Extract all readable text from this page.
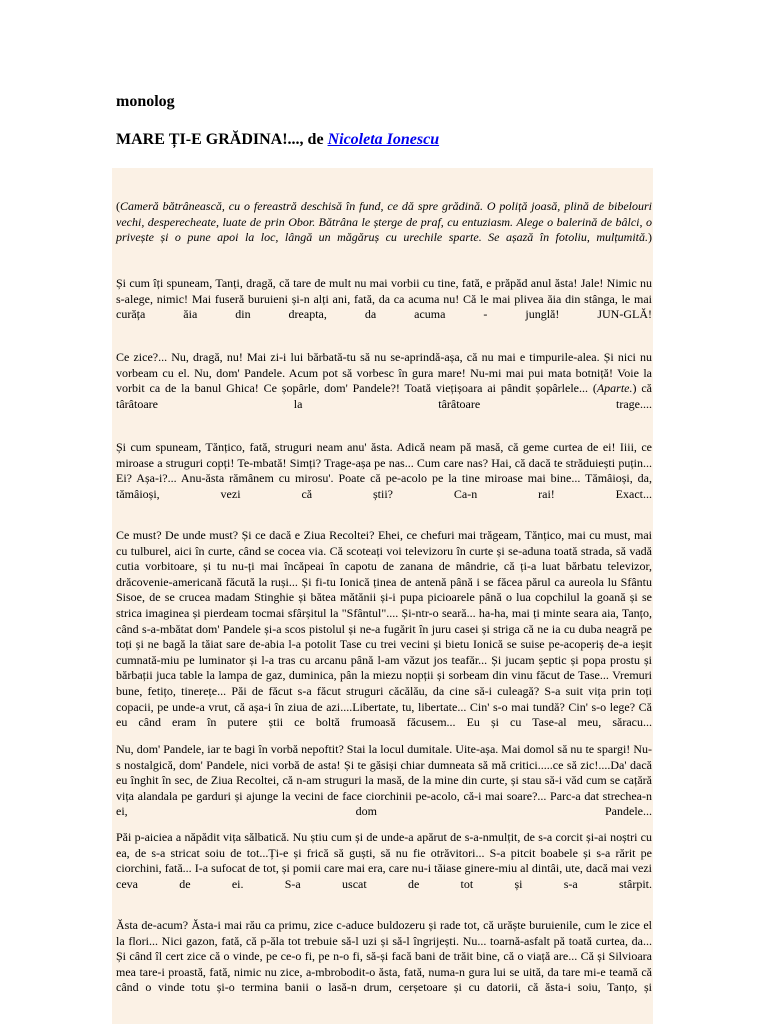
monolog
MARE ȚI-E GRĂDINA!..., de Nicoleta Ionescu

(Cameră bătrânească, cu o fereastră deschisă în fund, ce dă spre grădină. O poliță joasă, plină de bibelouri vechi, desperecheate, luate de prin Obor. Bătrâna le șterge de praf, cu entuziasm. Alege o balerină de bâlci, o privește și o pune apoi la loc, lângă un măgăruș cu urechile sparte. Se așază în fotoliu, mulțumită.)

Și cum îți spuneam, Tanți, dragă, că tare de mult nu mai vorbii cu tine, fată, e prăpăd anul ăsta! Jale! Nimic nu s-alege, nimic! Mai fuseră buruieni și-n alți ani, fată, da ca acuma nu! Că le mai plivea ăia din stânga, le mai curăța ăia din dreapta, da acuma - junglă! JUN-GLĂ!

Ce zice?... Nu, dragă, nu! Mai zi-i lui bărbată-tu să nu se-aprindă-așa, că nu mai e timpurile-alea. Și nici nu vorbeam cu el. Nu, dom' Pandele. Acum pot să vorbesc în gura mare! Nu-mi mai pui mata botniță! Voie la vorbit ca de la banul Ghica! Ce șopârle, dom' Pandele?! Toată viețișoara ai pândit șopârlele... (Aparte.) că târâtoare la târâtoare trage....

Și cum spuneam, Tănțico, fată, struguri neam anu' ăsta. Adică neam pă masă, că geme curtea de ei! Iiii, ce miroase a struguri copți! Te-mbată! Simți? Trage-așa pe nas... Cum care nas? Hai, că dacă te străduiești puțin... Ei? Așa-i?... Anu-ăsta rămânem cu mirosu'. Poate că pe-acolo pe la tine miroase mai bine... Tămâioși, da, tămâioși, vezi că știi? Ca-n rai! Exact...

Ce must? De unde must? Și ce dacă e Ziua Recoltei? Ehei, ce chefuri mai trăgeam, Tănțico, mai cu must, mai cu tulburel, aici în curte, când se cocea via. Că scoteați voi televizoru în curte și se-aduna toată strada, să vadă cutia vorbitoare, și tu nu-ți mai încăpeai în capotu de zanana de mândrie, că ți-a luat bărbatu televizor, drăcovenie-americană făcută la ruși... Și fi-tu Ionică ținea de antenă până i se făcea părul ca aureola lu Sfântu Sisoe, de se crucea madam Stinghie și bătea mătănii și-i pupa picioarele până o lua copchilul la goană și se strica imaginea și pierdeam tocmai sfârșitul la "Sfântul".... Și-ntr-o seară... ha-ha, mai ți minte seara aia, Tanțo, când s-a-mbătat dom' Pandele și-a scos pistolul și ne-a fugărit în juru casei și striga că ne ia cu duba neagră pe toți și ne bagă la tăiat sare de-abia l-a potolit Tase cu trei vecini și bietu Ionică se suise pe-acoperiș de-a ieșit cumnată-miu pe luminator și l-a tras cu arcanu până l-am văzut jos teafăr... Și jucam șeptic și popa prostu și bărbații juca table la lampa de gaz, duminica, pân la miezu nopții și sorbeam din vinu făcut de Tase... Vremuri bune, fetițo, tinerețe... Păi de făcut s-a făcut struguri căcălău, da cine să-i culeagă? S-a suit vița prin toți copacii, pe unde-a vrut, că așa-i în ziua de azi....Libertate, tu, libertate... Cin' s-o mai tundă? Cin' s-o lege? Că eu când eram în putere știi ce boltă frumoasă făcusem... Eu și cu Tase-al meu, săracu...

Nu, dom' Pandele, iar te bagi în vorbă nepoftit? Stai la locul dumitale. Uite-așa. Mai domol să nu te spargi! Nu-s nostalgică, dom' Pandele, nici vorbă de asta! Și te găsiși chiar dumneata să mă critici.....ce să zic!....Da' dacă eu înghit în sec, de Ziua Recoltei, că n-am struguri la masă, de la mine din curte, și stau să-i văd cum se cațără vița alandala pe garduri și ajunge la vecini de face ciorchinii pe-acolo, că-i mai soare?... Parc-a dat strechea-n ei, dom Pandele...

Păi p-aiciea a năpădit vița sălbatică. Nu știu cum și de unde-a apărut de s-a-nmulțit, de s-a corcit și-ai noștri cu ea, de s-a stricat soiu de tot...Ți-e și frică să guști, să nu fie otrăvitori... S-a pitcit boabele și s-a rărit pe ciorchini, fată... I-a sufocat de tot, și pomii care mai era, care nu-i tăiase ginere-miu al dintâi, ute, dacă mai vezi ceva de ei. S-a uscat de tot și s-a stârpit.

Ăsta de-acum? Ăsta-i mai rău ca primu, zice c-aduce buldozeru și rade tot, că urăște buruienile, cum le zice el la flori... Nici gazon, fată, că p-ăla tot trebuie să-l uzi și să-l îngrijești. Nu... toarnă-asfalt pă toată curtea, da... Și când îl cert zice că o vinde, pe ce-o fi, pe n-o fi, să-și facă bani de trăit bine, că o viață are... Că și Silvioara mea tare-i proastă, fată, nimic nu zice, a-mbrobodit-o ăsta, fată, numa-n gura lui se uită, da tare mi-e teamă că când o vinde totu și-o termina banii o lasă-n drum, cerșetoare și cu datorii, că ăsta-i soiu, Tanțo, și
